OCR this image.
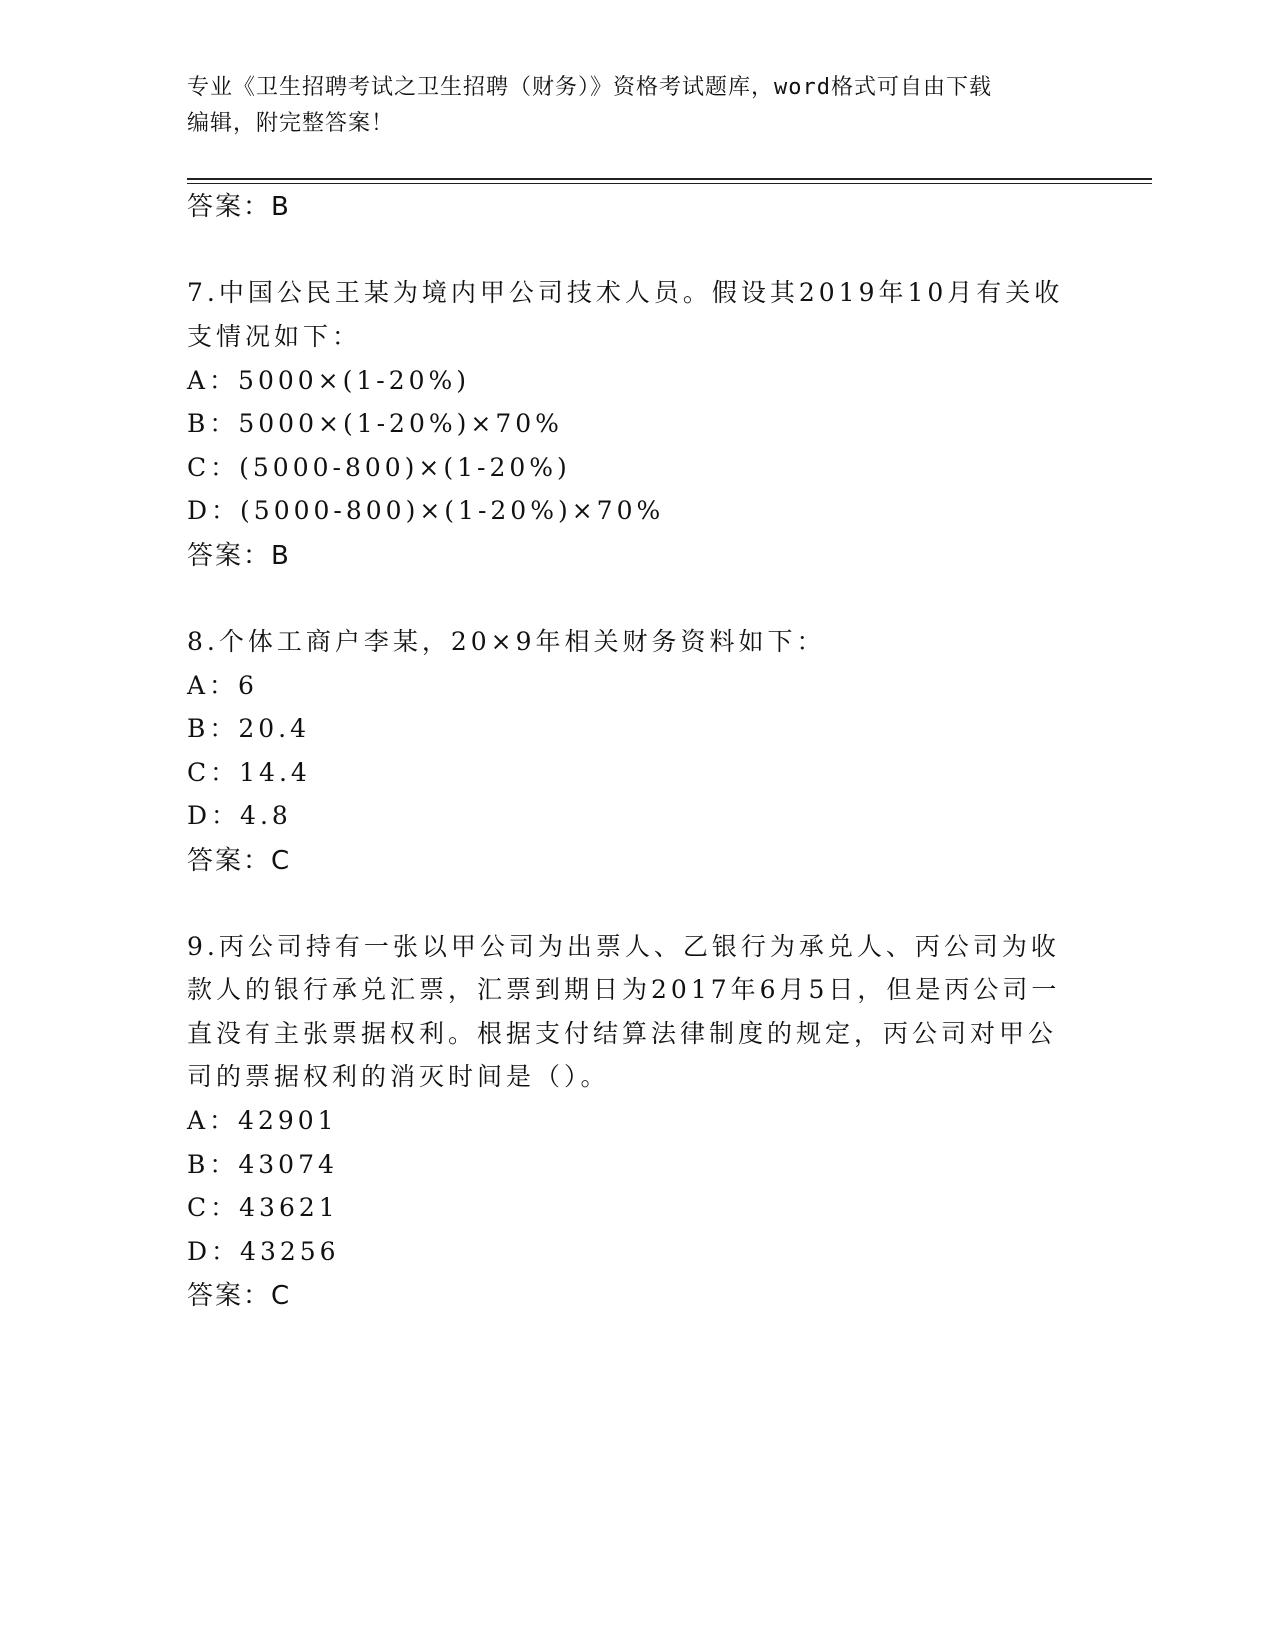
专业《卫生招聘考试之卫生招聘（财务）》资格考试题库，word格式可自由下载
编辑，附完整答案！
答案：B
7.中国公民王某为境内甲公司技术人员。假设其2019年10月有关收
支情况如下：
A：5000×(1-20%)
B：5000×(1-20%)×70%
C：(5000-800)×(1-20%)
D：(5000-800)×(1-20%)×70%
答案：B
8.个体工商户李某，20×9年相关财务资料如下：
A：6
B：20.4
C：14.4
D：4.8
答案：C
9.丙公司持有一张以甲公司为出票人、乙银行为承兑人、丙公司为收
款人的银行承兑汇票，汇票到期日为2017年6月5日，但是丙公司一
直没有主张票据权利。根据支付结算法律制度的规定，丙公司对甲公
司的票据权利的消灭时间是（）。
A：42901
B：43074
C：43621
D：43256
答案：C
